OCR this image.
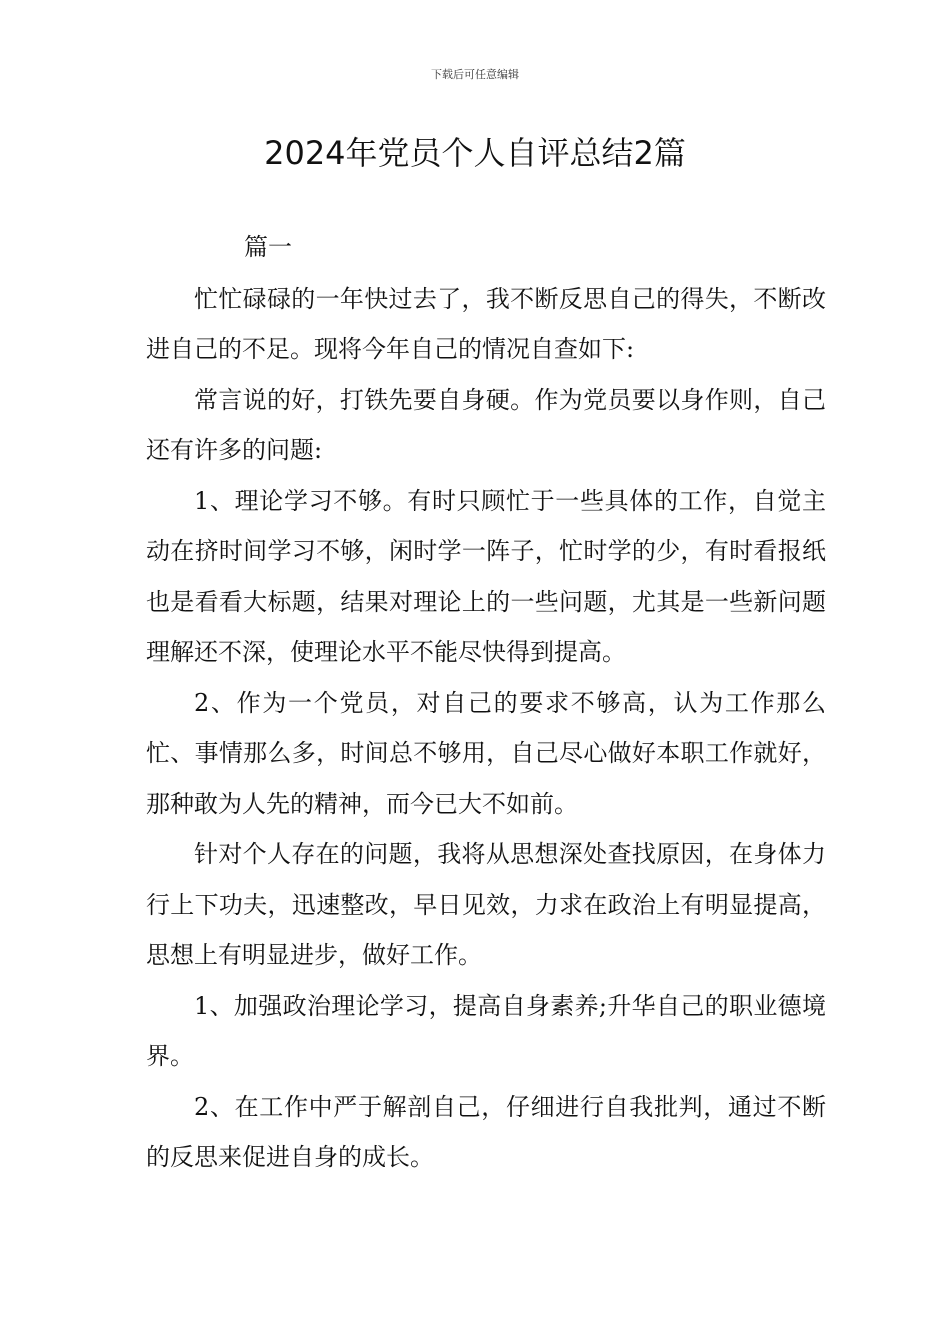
下载后可任意编辑
2024年党员个人自评总结2篇
篇一

忙忙碌碌的一年快过去了，我不断反思自己的得失，不断改进自己的不足。现将今年自己的情况自查如下:

常言说的好，打铁先要自身硬。作为党员要以身作则，自己还有许多的问题:

1、理论学习不够。有时只顾忙于一些具体的工作，自觉主动在挤时间学习不够，闲时学一阵子，忙时学的少，有时看报纸也是看看大标题，结果对理论上的一些问题，尤其是一些新问题理解还不深，使理论水平不能尽快得到提高。

2、作为一个党员，对自己的要求不够高，认为工作那么忙、事情那么多，时间总不够用，自己尽心做好本职工作就好，那种敢为人先的精神，而今已大不如前。

针对个人存在的问题，我将从思想深处查找原因，在身体力行上下功夫，迅速整改，早日见效，力求在政治上有明显提高，思想上有明显进步，做好工作。

1、加强政治理论学习，提高自身素养;升华自己的职业德境界。

2、在工作中严于解剖自己，仔细进行自我批判，通过不断的反思来促进自身的成长。
